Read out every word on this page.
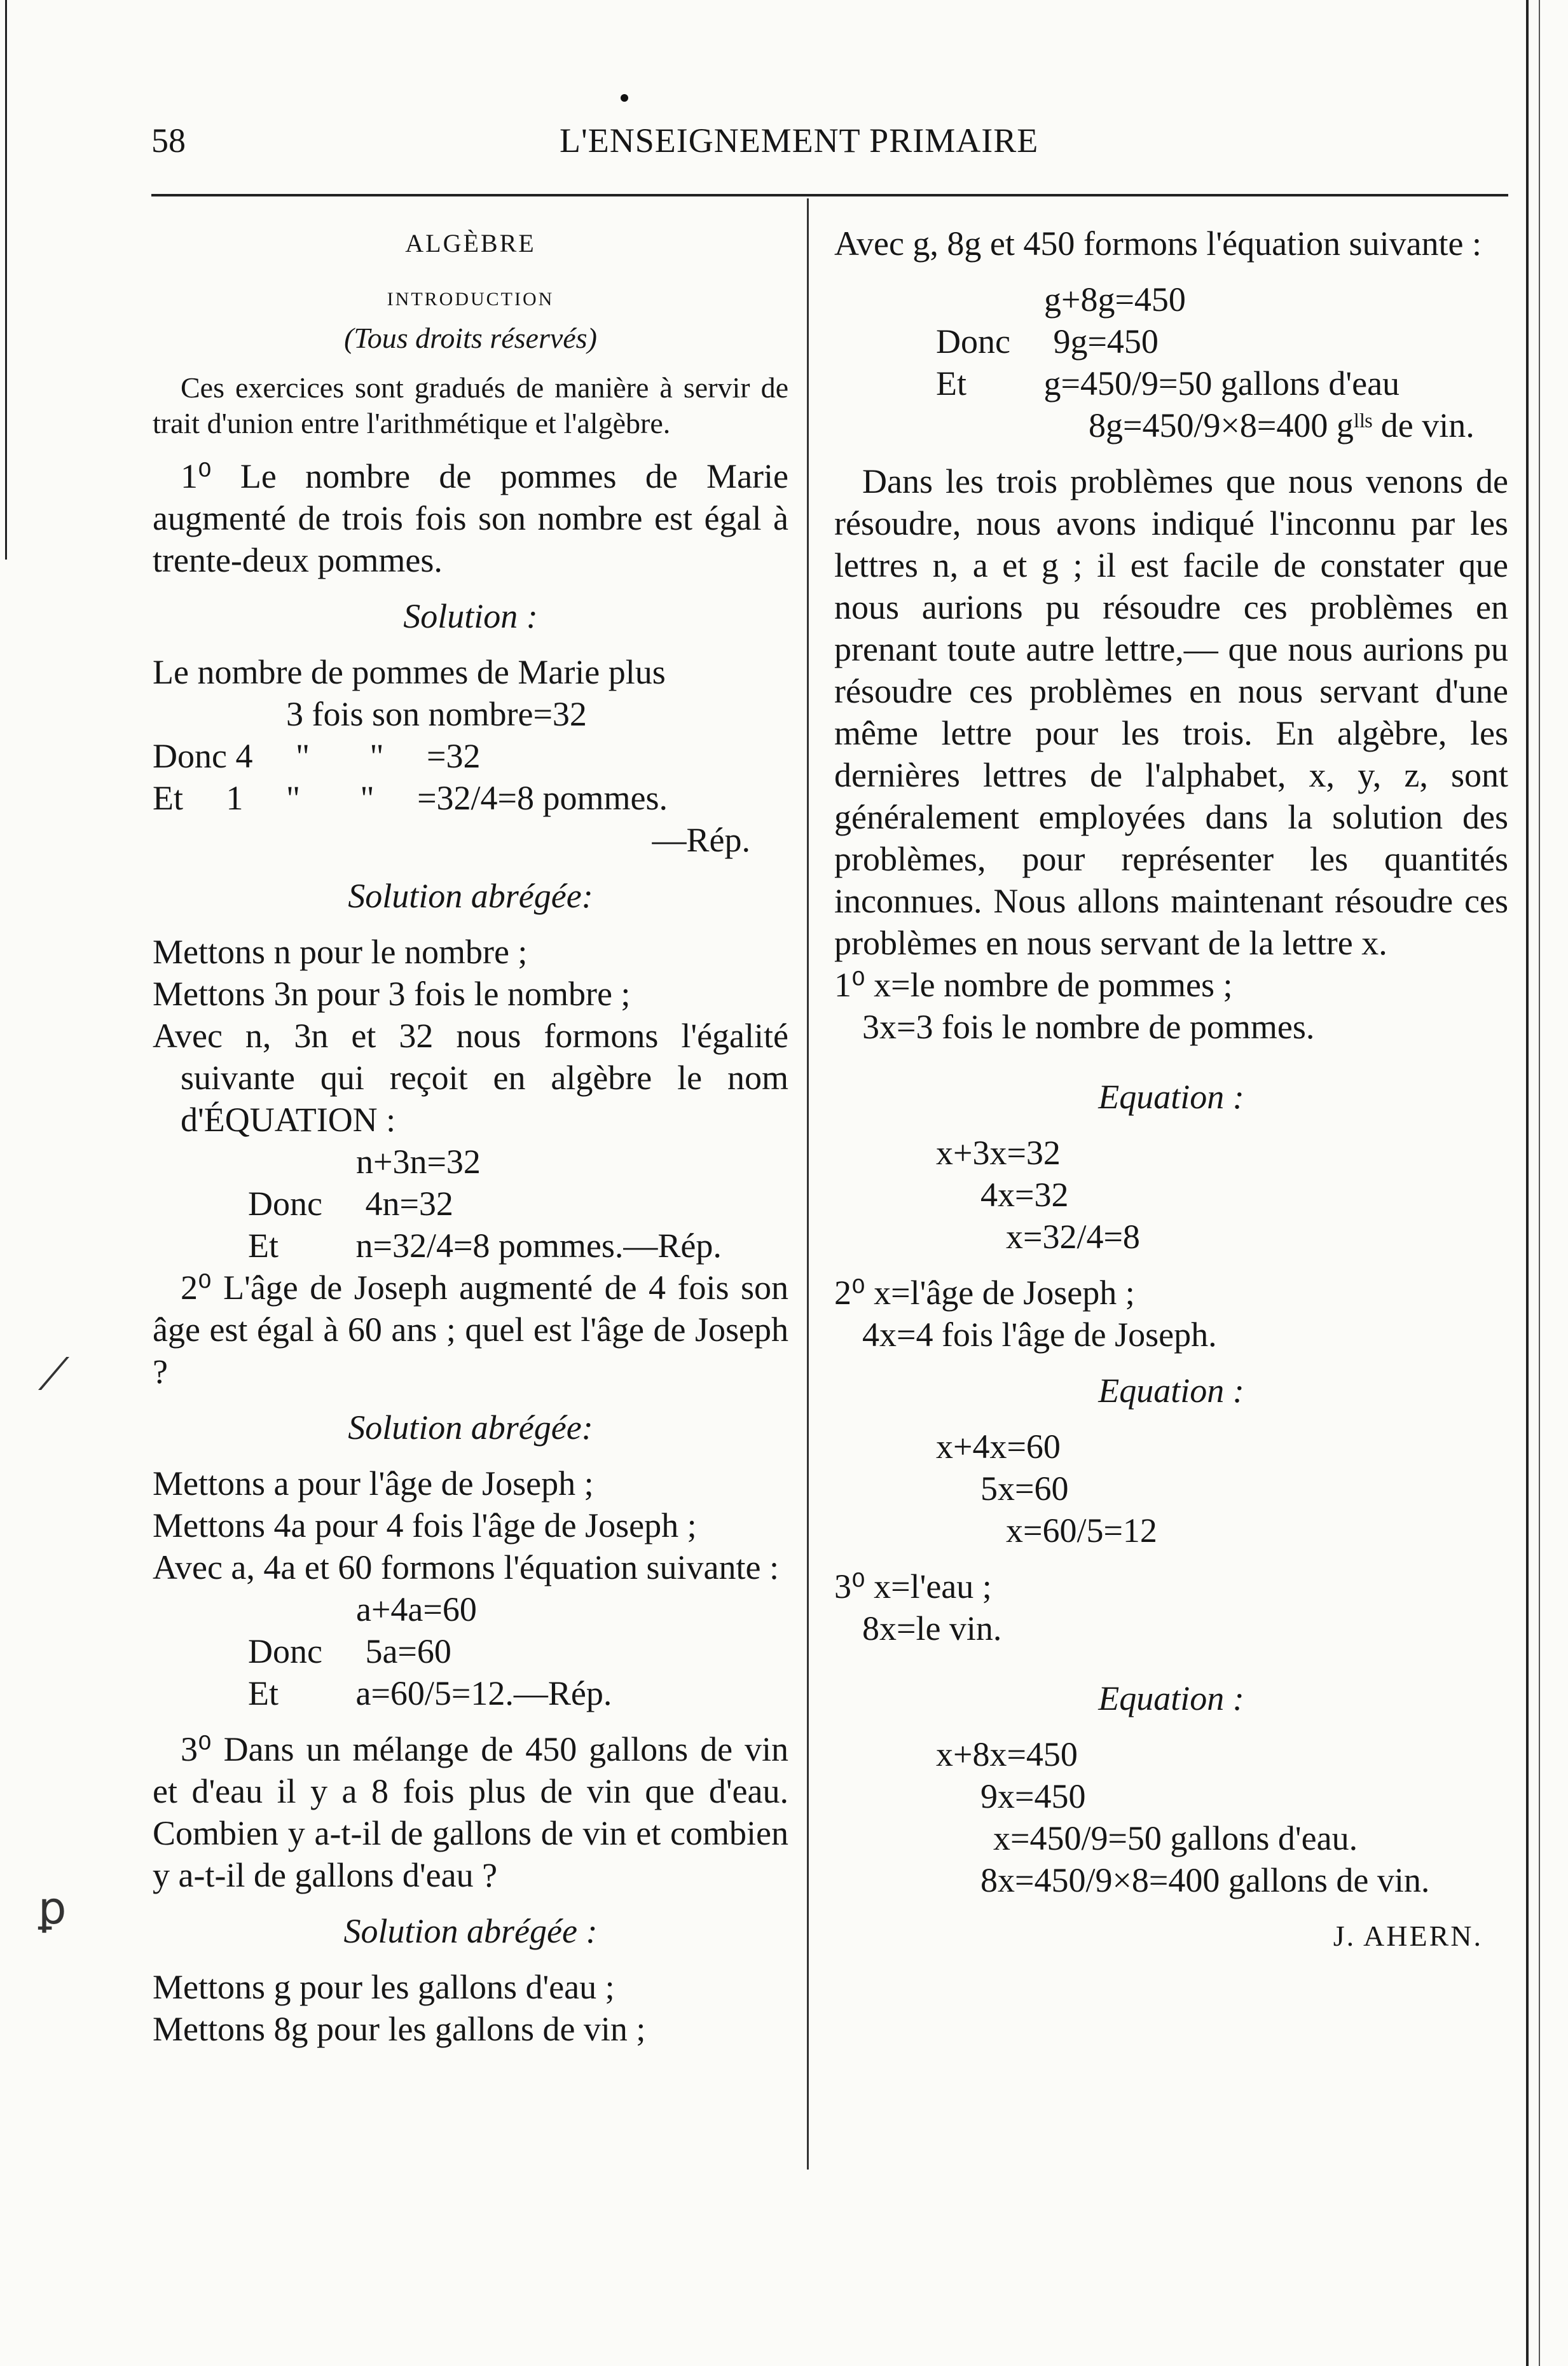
58	L'ENSEIGNEMENT PRIMAIRE

ALGÈBRE

INTRODUCTION

(Tous droits réservés)

Ces exercices sont gradués de manière à servir de trait d'union entre l'arithmétique et l'algèbre.

1⁰ Le nombre de pommes de Marie augmenté de trois fois son nombre est égal à trente-deux pommes.

Solution :

Le nombre de pommes de Marie plus

3 fois son nombre=32

Donc 4     "       "     =32

Et     1     "       "     =32/4=8 pommes.

—Rép.

Solution abrégée:

Mettons n pour le nombre ;

Mettons 3n pour 3 fois le nombre ;

Avec n, 3n et 32 nous formons l'égalité suivante qui reçoit en algèbre le nom d'ÉQUATION :

n+3n=32

Donc     4n=32

Et         n=32/4=8 pommes.—Rép.

2⁰ L'âge de Joseph augmenté de 4 fois son âge est égal à 60 ans ; quel est l'âge de Joseph ?

Solution abrégée:

Mettons a pour l'âge de Joseph ;

Mettons 4a pour 4 fois l'âge de Joseph ;

Avec a, 4a et 60 formons l'équation suivante :

a+4a=60

Donc     5a=60

Et         a=60/5=12.—Rép.

3⁰ Dans un mélange de 450 gallons de vin et d'eau il y a 8 fois plus de vin que d'eau. Combien y a-t-il de gallons de vin et combien y a-t-il de gallons d'eau ?

Solution abrégée :

Mettons g pour les gallons d'eau ;

Mettons 8g pour les gallons de vin ;

Avec g, 8g et 450 formons l'équation suivante :

g+8g=450

Donc     9g=450

Et         g=450/9=50 gallons d'eau

8g=450/9×8=400 gˡˡˢ de vin.

Dans les trois problèmes que nous venons de résoudre, nous avons indiqué l'inconnu par les lettres n, a et g ; il est facile de constater que nous aurions pu résoudre ces problèmes en prenant toute autre lettre,— que nous aurions pu résoudre ces problèmes en nous servant d'une même lettre pour les trois. En algèbre, les dernières lettres de l'alphabet, x, y, z, sont généralement employées dans la solution des problèmes, pour représenter les quantités inconnues. Nous allons maintenant résoudre ces problèmes en nous servant de la lettre x.

1⁰ x=le nombre de pommes ;

3x=3 fois le nombre de pommes.

Equation :

x+3x=32

4x=32

x=32/4=8

2⁰ x=l'âge de Joseph ;

4x=4 fois l'âge de Joseph.

Equation :

x+4x=60

5x=60

x=60/5=12

3⁰ x=l'eau ;

8x=le vin.

Equation :

x+8x=450

9x=450

x=450/9=50 gallons d'eau.

8x=450/9×8=400 gallons de vin.

J. AHERN.

⟋
ꝑ
